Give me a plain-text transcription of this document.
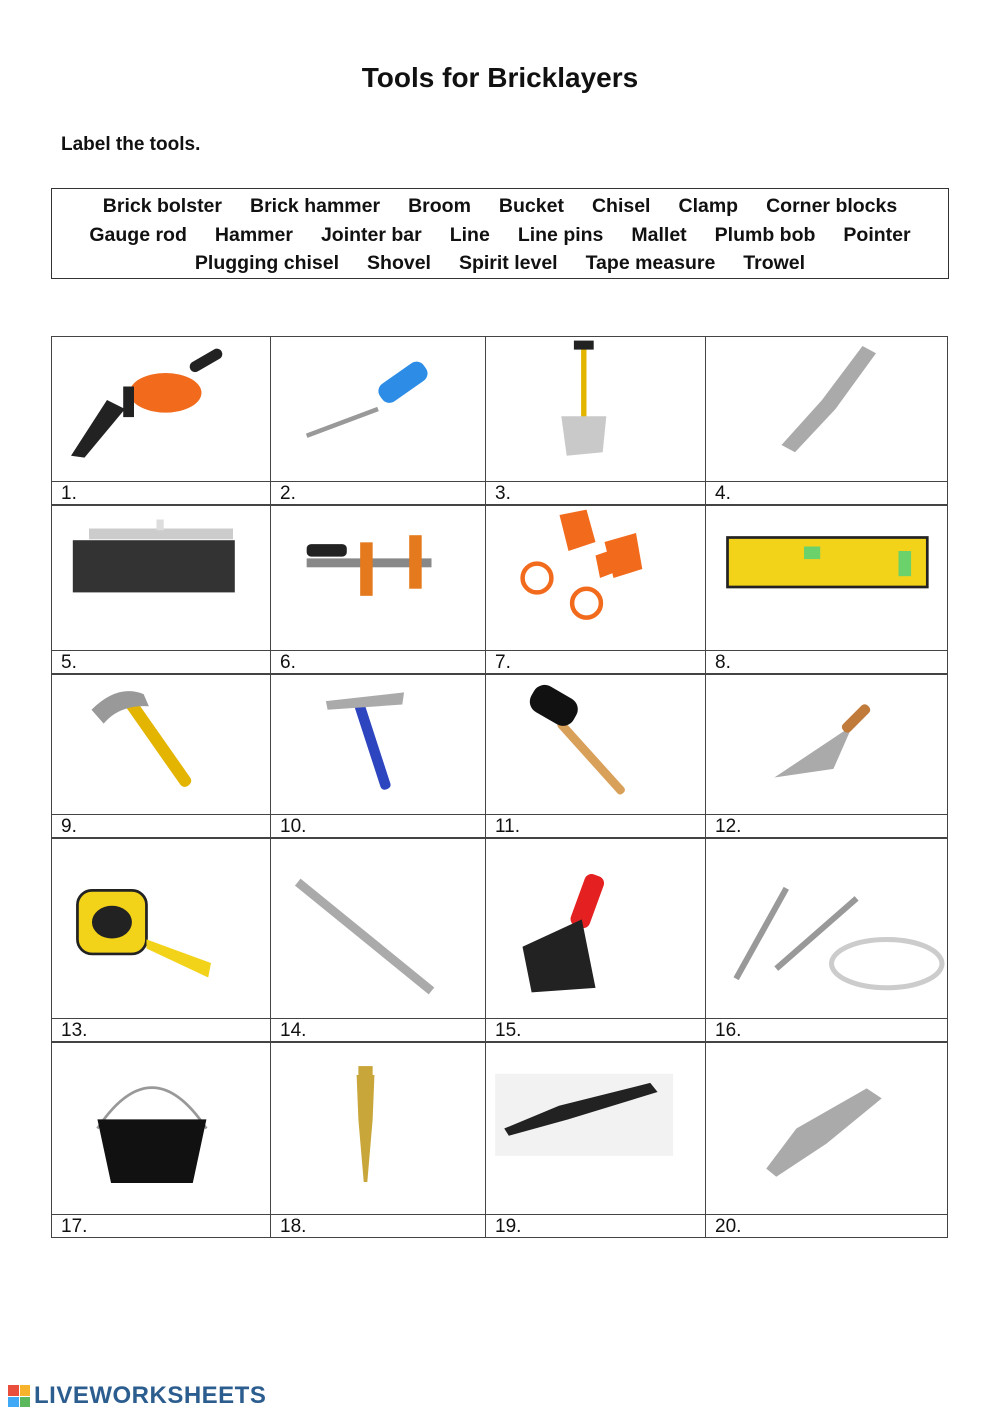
Tools for Bricklayers
Label the tools.
Brick bolster Brick hammer Broom Bucket Chisel Clamp Corner blocks
Gauge rod Hammer Jointer bar Line Line pins Mallet Plumb bob Pointer
Plugging chisel Shovel Spirit level Tape measure Trowel
1.	2.	3.	4.
5.	6.	7.	8.
9.	10.	11.	12.
13.	14.	15.	16.
17.	18.	19.	20.
LIVEWORKSHEETS
